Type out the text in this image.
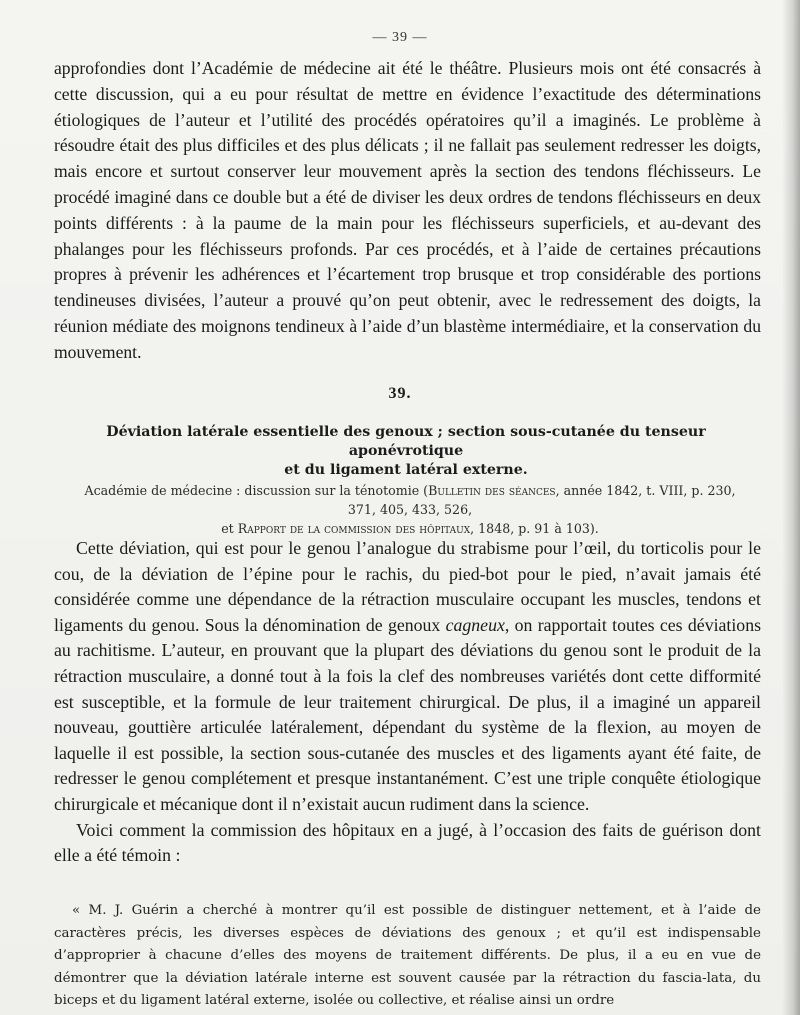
— 39 —

approfondies dont l’Académie de médecine ait été le théâtre. Plusieurs mois ont été consacrés à cette discussion, qui a eu pour résultat de mettre en évidence l’exactitude des déterminations étiologiques de l’auteur et l’utilité des procédés opératoires qu’il a imaginés. Le problème à résoudre était des plus difficiles et des plus délicats ; il ne fallait pas seulement redresser les doigts, mais encore et surtout conserver leur mouvement après la section des tendons fléchisseurs. Le procédé imaginé dans ce double but a été de diviser les deux ordres de tendons fléchisseurs en deux points différents : à la paume de la main pour les fléchisseurs superficiels, et au-devant des phalanges pour les fléchisseurs profonds. Par ces procédés, et à l’aide de certaines précautions propres à prévenir les adhérences et l’écartement trop brusque et trop considérable des portions tendineuses divisées, l’auteur a prouvé qu’on peut obtenir, avec le redressement des doigts, la réunion médiate des moignons tendineux à l’aide d’un blastème intermédiaire, et la conservation du mouvement.

39.
Déviation latérale essentielle des genoux ; section sous-cutanée du tenseur aponévrotique
et du ligament latéral externe.
Académie de médecine : discussion sur la ténotomie (Bulletin des séances, année 1842, t. VIII, p. 230, 371, 405, 433, 526,
et Rapport de la commission des hôpitaux, 1848, p. 91 à 103).

Cette déviation, qui est pour le genou l’analogue du strabisme pour l’œil, du torticolis pour le cou, de la déviation de l’épine pour le rachis, du pied-bot pour le pied, n’avait jamais été considérée comme une dépendance de la rétraction musculaire occupant les muscles, tendons et ligaments du genou. Sous la dénomination de genoux cagneux, on rapportait toutes ces déviations au rachitisme. L’auteur, en prouvant que la plupart des déviations du genou sont le produit de la rétraction musculaire, a donné tout à la fois la clef des nombreuses variétés dont cette difformité est susceptible, et la formule de leur traitement chirurgical. De plus, il a imaginé un appareil nouveau, gouttière articulée latéralement, dépendant du système de la flexion, au moyen de laquelle il est possible, la section sous-cutanée des muscles et des ligaments ayant été faite, de redresser le genou complétement et presque instantanément. C’est une triple conquête étiologique chirurgicale et mécanique dont il n’existait aucun rudiment dans la science.

Voici comment la commission des hôpitaux en a jugé, à l’occasion des faits de guérison dont elle a été témoin :

« M. J. Guérin a cherché à montrer qu’il est possible de distinguer nettement, et à l’aide de caractères précis, les diverses espèces de déviations des genoux ; et qu’il est indispensable d’approprier à chacune d’elles des moyens de traitement différents. De plus, il a eu en vue de démontrer que la déviation latérale interne est souvent causée par la rétraction du fascia-lata, du biceps et du ligament latéral externe, isolée ou collective, et réalise ainsi un ordre
